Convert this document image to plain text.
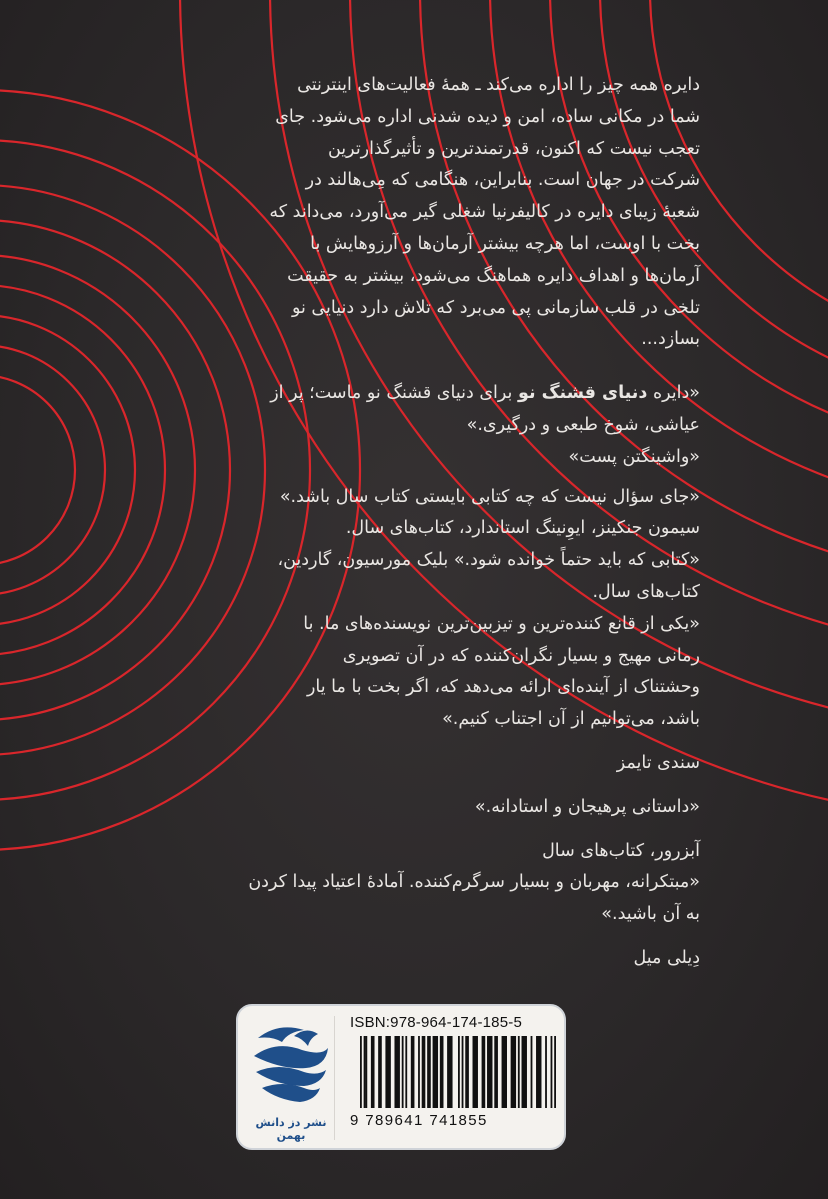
دایره همه چیز را اداره می‌کند ـ همهٔ فعالیت‌های اینترنتی

شما در مکانی ساده، امن و دیده شدنی اداره می‌شود. جای

تعجب نیست که اکنون، قدرتمندترین و تأثیرگذارترین

شرکت در جهان است. بنابراین، هنگامی که مِی‌هالند در

شعبهٔ زیبای دایره در کالیفرنیا شغلی گیر می‌آورد، می‌داند که

بخت با اوست، اما هرچه بیشتر آرمان‌ها و آرزوهایش با

آرمان‌ها و اهداف دایره هماهنگ می‌شود، بیشتر به حقیقت

تلخی در قلب سازمانی پی می‌برد که تلاش دارد دنیایی نو

بسازد...

«دایره دنیای قشنگ نو برای دنیای قشنگ نو ماست؛ پر از
عیاشی، شوخ طبعی و درگیری.»
«واشینگتن پست»
«جای سؤال نیست که چه کتابی بایستی کتاب سال باشد.»
سیمون جنکینز، ایوِنینگ استاندارد، کتاب‌های سال.
«کتابی که باید حتماً خوانده شود.» بلیک مورسیون، گاردین،
کتاب‌های سال.
«یکی از قانع کننده‌ترین و تیزبین‌ترین نویسنده‌های ما. با
رمانی مهیج و بسیار نگران‌کننده که در آن تصویری
وحشتناک از آینده‌ای ارائه می‌دهد که، اگر بخت با ما یار
باشد، می‌توانیم از آن اجتناب کنیم.»
سندی تایمز
«داستانی پرهیجان و استادانه.»
آبزرور، کتاب‌های سال
«مبتکرانه، مهربان و بسیار سرگرم‌کننده. آمادهٔ اعتیاد پیدا کردن
به آن باشید.»
دِیلی میل
نشر دز دانش بهمن
ISBN:978-964-174-185-5
9 789641 741855
